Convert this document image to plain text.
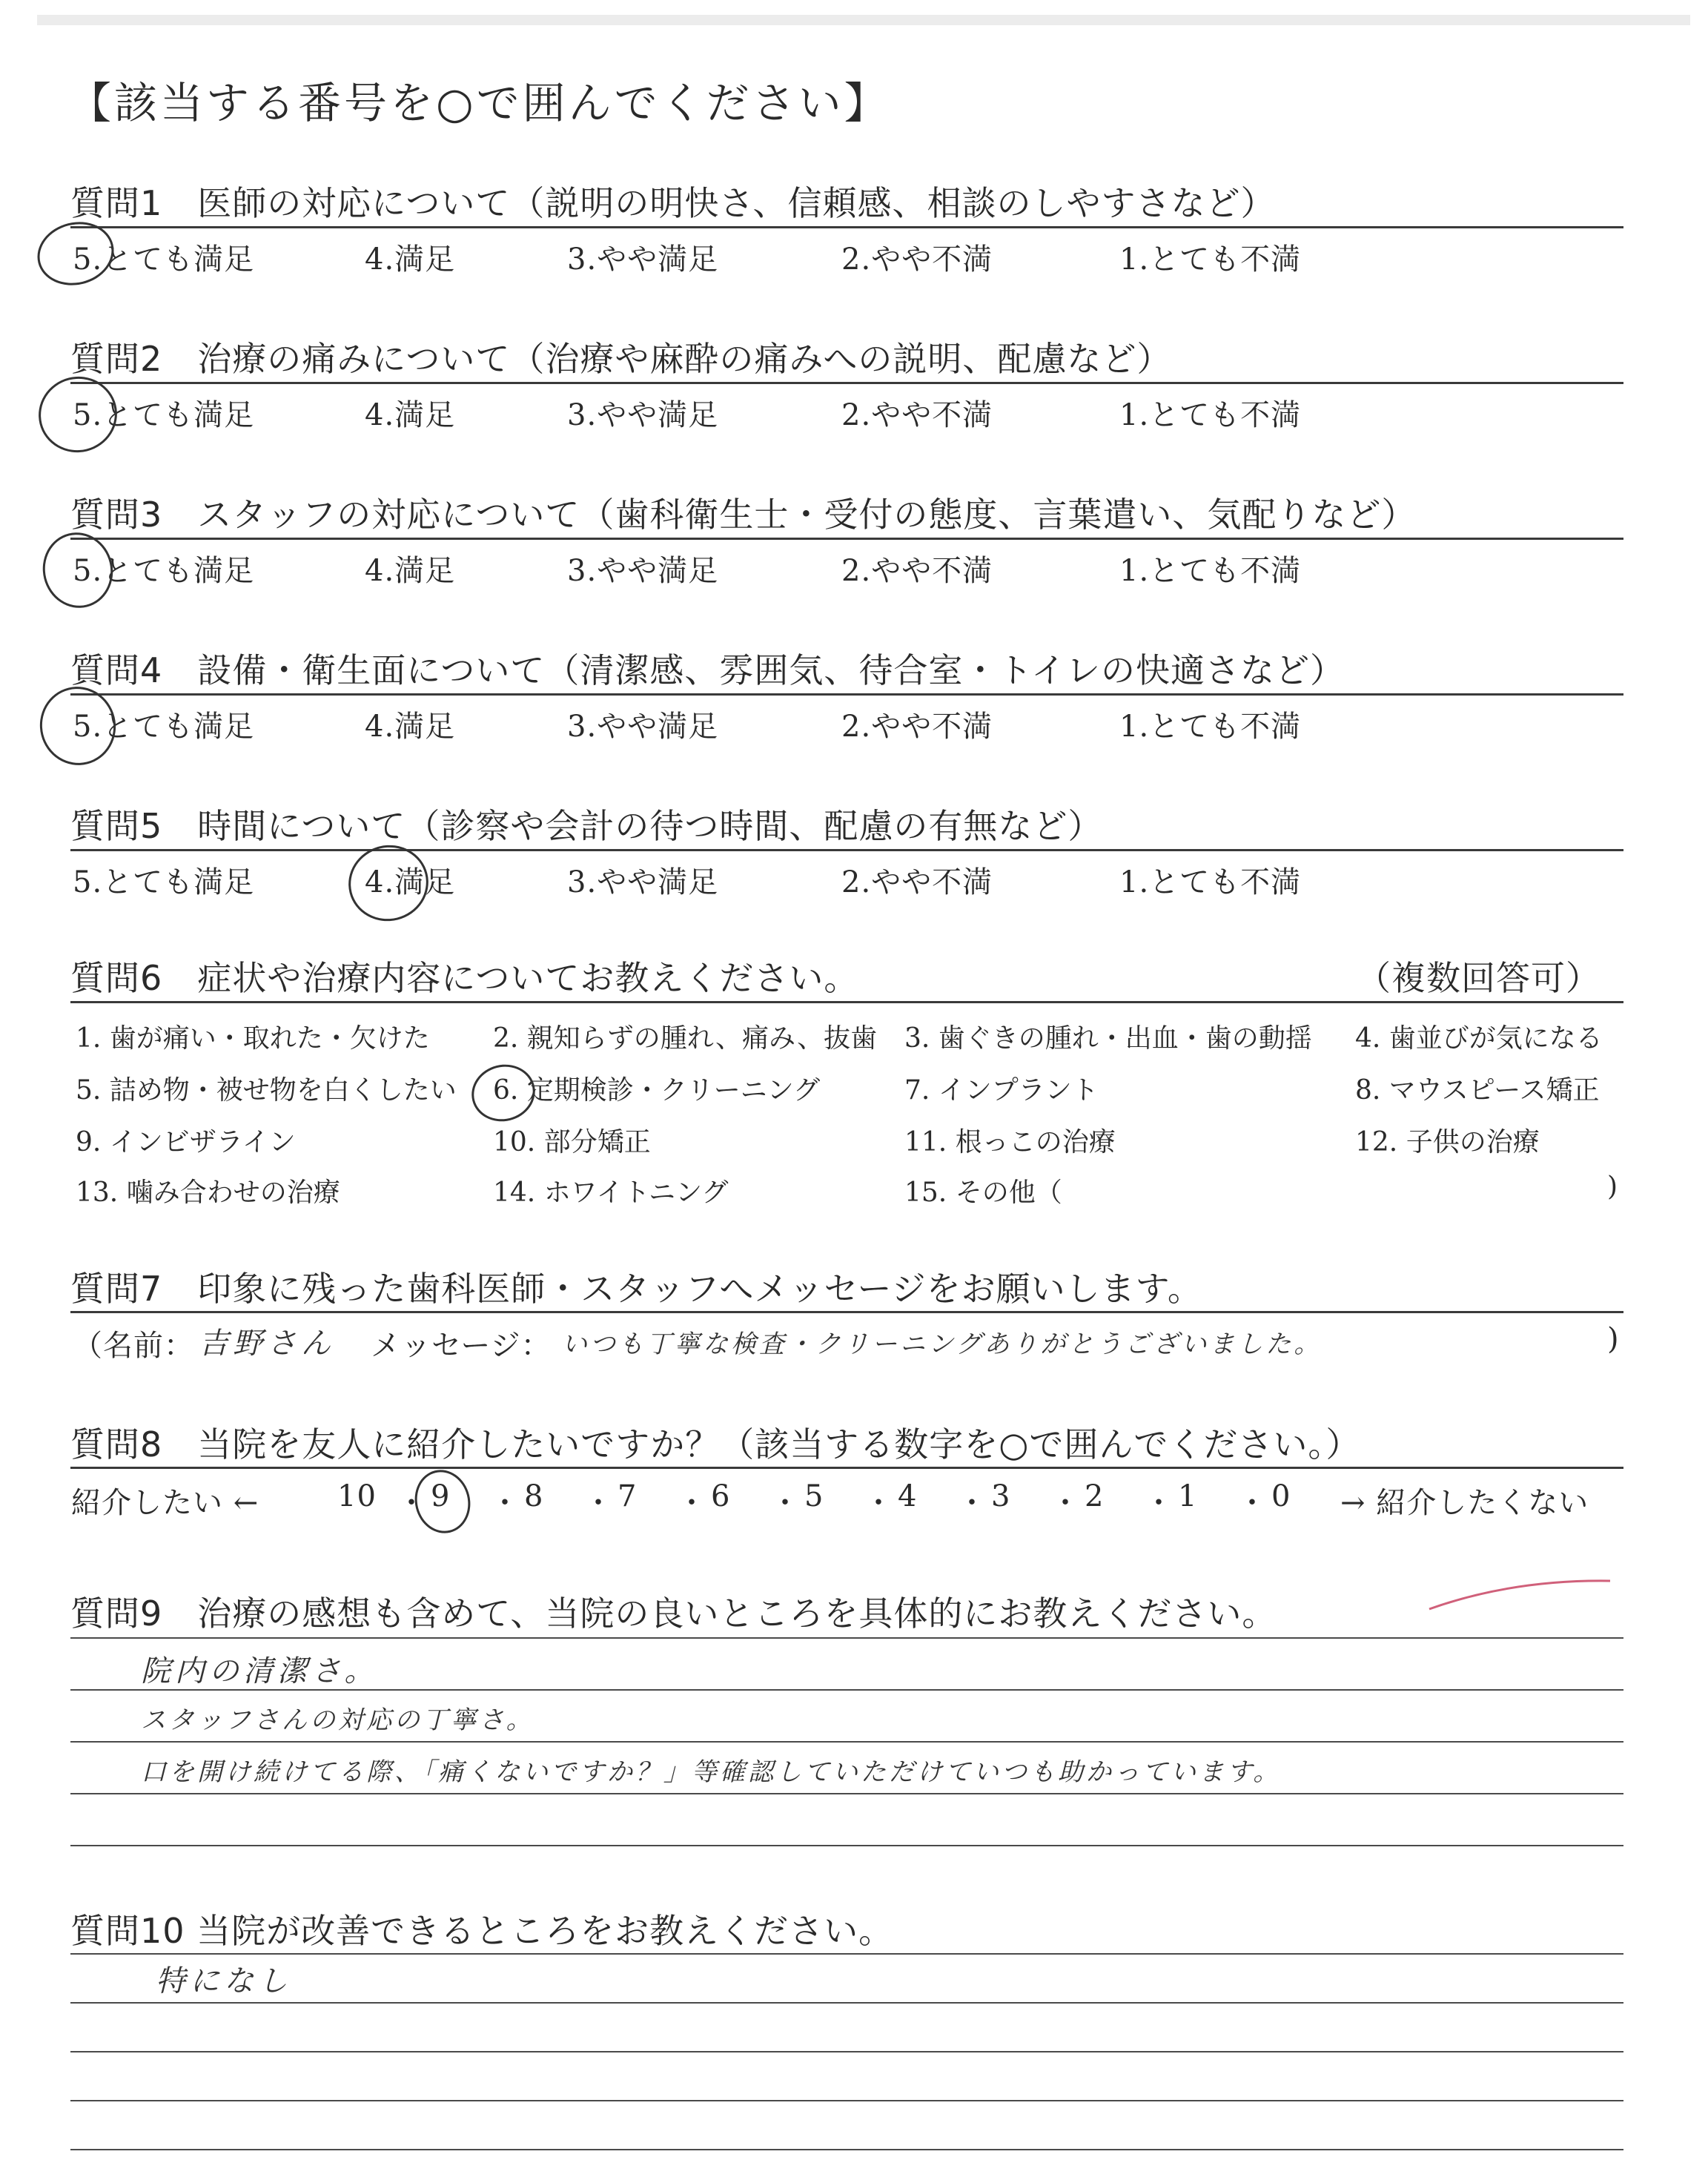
【該当する番号を○で囲んでください】
質問1　医師の対応について（説明の明快さ、信頼感、相談のしやすさなど）
5.とても満足	4.満足	3.やや満足	2.やや不満	1.とても不満
質問2　治療の痛みについて（治療や麻酔の痛みへの説明、配慮など）
5.とても満足	4.満足	3.やや満足	2.やや不満	1.とても不満
質問3　スタッフの対応について（歯科衛生士・受付の態度、言葉遣い、気配りなど）
5.とても満足	4.満足	3.やや満足	2.やや不満	1.とても不満
質問4　設備・衛生面について（清潔感、雰囲気、待合室・トイレの快適さなど）
5.とても満足	4.満足	3.やや満足	2.やや不満	1.とても不満
質問5　時間について（診察や会計の待つ時間、配慮の有無など）
5.とても満足	4.満足	3.やや満足	2.やや不満	1.とても不満
質問6　症状や治療内容についてお教えください。	（複数回答可）
1. 歯が痛い・取れた・欠けた 2. 親知らずの腫れ、痛み、抜歯 3. 歯ぐきの腫れ・出血・歯の動揺 4. 歯並びが気になる
5. 詰め物・被せ物を白くしたい 6. 定期検診・クリーニング	7. インプラント	8. マウスピース矯正
9. インビザライン	10. 部分矯正	11. 根っこの治療	12. 子供の治療
13. 噛み合わせの治療	14. ホワイトニング	15. その他（	)
質問7　印象に残った歯科医師・スタッフへメッセージをお願いします。
（名前： 吉野さん メッセージ： いつも丁寧な検査・クリーニングありがとうございました。	)
質問8　当院を友人に紹介したいですか？（該当する数字を○で囲んでください。）
紹介したい ←	→ 紹介したくない
10 ・ 9 ・ 8 ・ 7 ・ 6 ・ 5 ・ 4 ・ 3 ・ 2 ・ 1 ・ 0
質問9　治療の感想も含めて、当院の良いところを具体的にお教えください。
院内の清潔さ。
スタッフさんの対応の丁寧さ。
口を開け続けてる際、「痛くないですか？」等確認していただけていつも助かっています。
質問10 当院が改善できるところをお教えください。
特になし
